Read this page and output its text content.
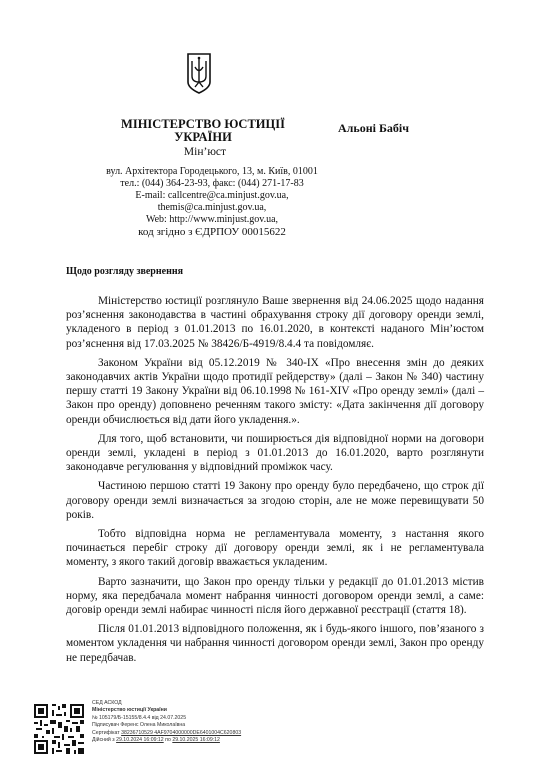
МІНІСТЕРСТВО ЮСТИЦІЇ
УКРАЇНИ
Мін’юст
вул. Архітектора Городецького, 13, м. Київ, 01001
тел.: (044) 364-23-93, факс: (044) 271-17-83
E-mail: callcentre@ca.minjust.gov.ua,
themis@ca.minjust.gov.ua,
Web: http://www.minjust.gov.ua,
код згідно з ЄДРПОУ 00015622
Альоні Бабіч
Щодо розгляду звернення

Міністерство юстиції розглянуло Ваше звернення від 24.06.2025 щодо надання роз’яснення законодавства в частині обрахування строку дії договору оренди землі, укладеного в період з 01.01.2013 по 16.01.2020, в контексті наданого Мін’юстом роз’яснення від 17.03.2025 № 38426/Б-4919/8.4.4 та повідомляє.

Законом України від 05.12.2019 № 340-ІХ «Про внесення змін до деяких законодавчих актів України щодо протидії рейдерству» (далі – Закон № 340) частину першу статті 19 Закону України від 06.10.1998 № 161-XIV «Про оренду землі» (далі – Закон про оренду) доповнено реченням такого змісту: «Дата закінчення дії договору оренди обчислюється від дати його укладення.».

Для того, щоб встановити, чи поширюється дія відповідної норми на договори оренди землі, укладені в період з 01.01.2013 до 16.01.2020, варто розглянути законодавче регулювання у відповідний проміжок часу.

Частиною першою статті 19 Закону про оренду було передбачено, що строк дії договору оренди землі визначається за згодою сторін, але не може перевищувати 50 років.

Тобто відповідна норма не регламентувала моменту, з настання якого починається перебіг строку дії договору оренди землі, як і не регламентувала моменту, з якого такий договір вважається укладеним.

Варто зазначити, що Закон про оренду тільки у редакції до 01.01.2013 містив норму, яка передбачала момент набрання чинності договором оренди землі, а саме: договір оренди землі набирає чинності після його державної реєстрації (стаття 18).

Після 01.01.2013 відповідного положення, як і будь-якого іншого, пов’язаного з моментом укладення чи набрання чинності договором оренди землі, Закон про оренду не передбачав.

СЕД АСКОД
Міністерство юстиції України
№ 105179/Б-15155/8.4.4 від 24.07.2025
Підписувач Ференс Олена Миколаївна
Сертифікат 38236710529 4AF9704000000DE6401004C620803
Дійсний з 29.10.2024 16:09:12 по 29.10.2025 16:09:12
